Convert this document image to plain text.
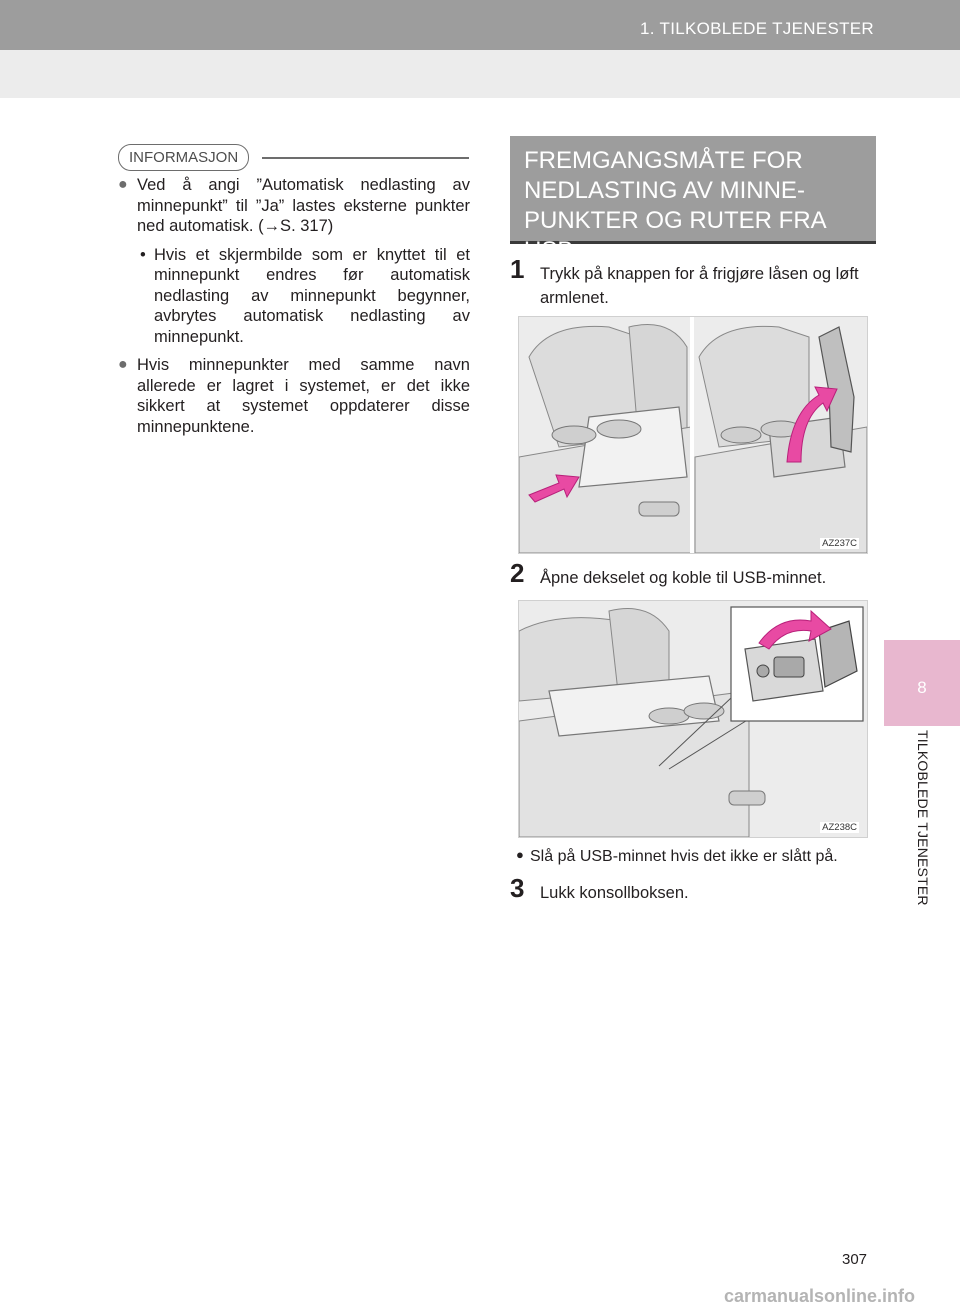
1. TILKOBLEDE TJENESTER
8
TILKOBLEDE TJENESTER
INFORMASJON
● Ved å angi ”Automatisk nedlasting av minnepunkt” til ”Ja” lastes eksterne punkter ned automatisk. (→S. 317)
• Hvis et skjermbilde som er knyttet til et minnepunkt endres før automatisk nedlasting av minnepunkt begynner, avbrytes automatisk nedlasting av minnepunkt.
● Hvis minnepunkter med samme navn allerede er lagret i systemet, er det ikke sikkert at systemet oppdaterer disse minnepunktene.
FREMGANGSMÅTE FOR
NEDLASTING AV MINNE-
PUNKTER OG RUTER FRA USB
1 Trykk på knappen for å frigjøre låsen og løft armlenet.
AZ237C
2 Åpne dekselet og koble til USB-minnet.
AZ238C
● Slå på USB-minnet hvis det ikke er slått på.
3 Lukk konsollboksen.
307
carmanualsonline.info
